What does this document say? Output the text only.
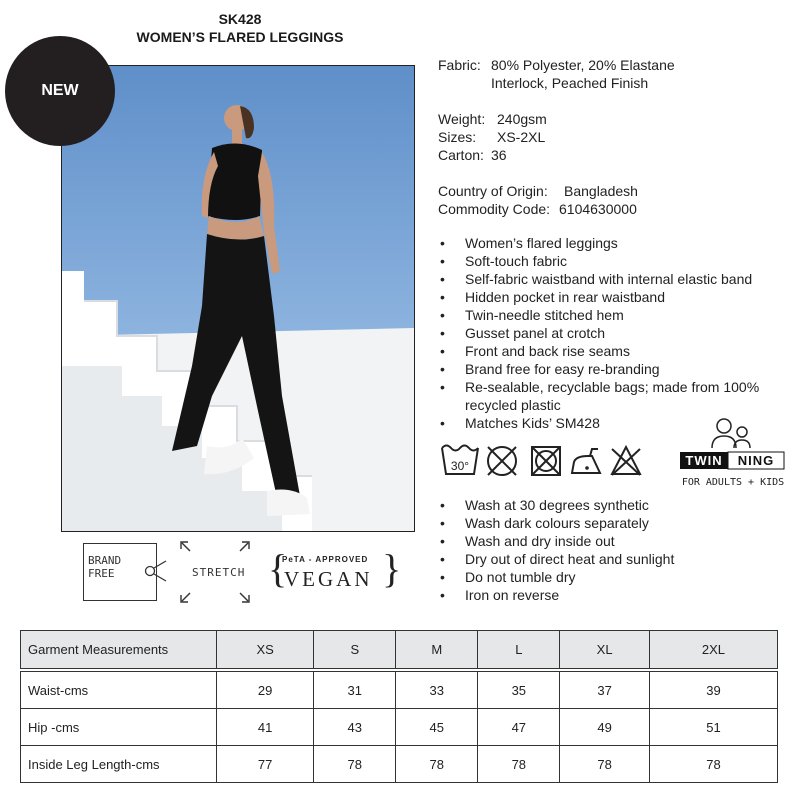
SK428
WOMEN’S FLARED LEGGINGS
NEW
Fabric: 80% Polyester, 20% Elastane
Interlock, Peached Finish
Weight: 240gsm
Sizes:	XS-2XL
Carton: 36
Country of Origin:	Bangladesh
Commodity Code: 6104630000
• Women’s flared leggings
• Soft-touch fabric
• Self-fabric waistband with internal elastic band
• Hidden pocket in rear waistband
• Twin-needle stitched hem
• Gusset panel at crotch
• Front and back rise seams
• Brand free for easy re-branding
• Re-sealable, recyclable bags; made from 100% recycled plastic
• Matches Kids’ SM428
30°	TWIN NING
FOR ADULTS + KIDS
• Wash at 30 degrees synthetic
• Wash dark colours separately
• Wash and dry inside out
• Dry out of direct heat and sunlight
• Do not tumble dry
• Iron on reverse
BRAND
FREE	STRETCH {
PeTA - APPROVED
VEGAN }
Garment Measurements	XS	S	M	L	XL	2XL

Waist-cms	29	31	33	35	37	39
Hip -cms	41	43	45	47	49	51
Inside Leg Length-cms	77	78	78	78	78	78
